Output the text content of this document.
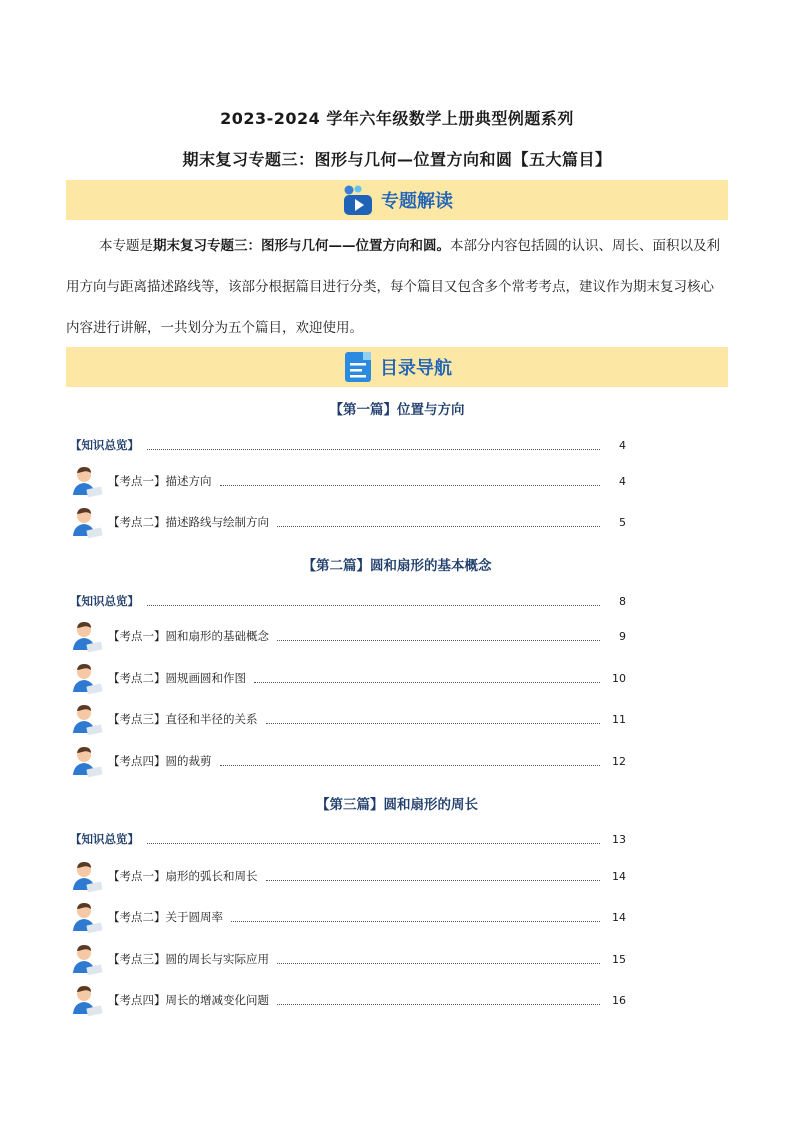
2023-2024 学年六年级数学上册典型例题系列
期末复习专题三：图形与几何—位置方向和圆【五大篇目】
专题解读

本专题是期末复习专题三：图形与几何——位置方向和圆。本部分内容包括圆的认识、周长、面积以及利用方向与距离描述路线等，该部分根据篇目进行分类，每个篇目又包含多个常考考点，建议作为期末复习核心内容进行讲解，一共划分为五个篇目，欢迎使用。

目录导航
【第一篇】位置与方向
【知识总览】	4
【考点一】描述方向	4
【考点二】描述路线与绘制方向	5
【第二篇】圆和扇形的基本概念
【知识总览】	8
【考点一】圆和扇形的基础概念	9
【考点二】圆规画圆和作图	10
【考点三】直径和半径的关系	11
【考点四】圆的裁剪	12
【第三篇】圆和扇形的周长
【知识总览】	13
【考点一】扇形的弧长和周长	14
【考点二】关于圆周率	14
【考点三】圆的周长与实际应用	15
【考点四】周长的增减变化问题	16
